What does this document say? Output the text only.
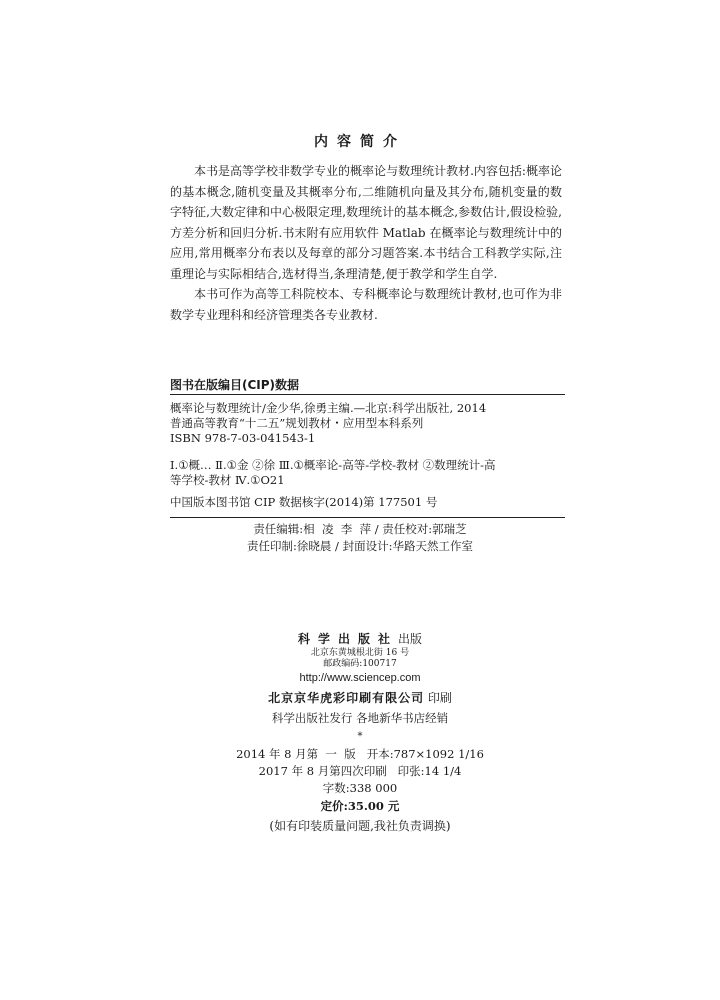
内容简介

本书是高等学校非数学专业的概率论与数理统计教材.内容包括:概率论的基本概念,随机变量及其概率分布,二维随机向量及其分布,随机变量的数字特征,大数定律和中心极限定理,数理统计的基本概念,参数估计,假设检验,方差分析和回归分析.书末附有应用软件 Matlab 在概率论与数理统计中的应用,常用概率分布表以及每章的部分习题答案.本书结合工科教学实际,注重理论与实际相结合,选材得当,条理清楚,便于教学和学生自学.

本书可作为高等工科院校本、专科概率论与数理统计教材,也可作为非数学专业理科和经济管理类各专业教材.

图书在版编目(CIP)数据
概率论与数理统计/金少华,徐勇主编.—北京:科学出版社, 2014
普通高等教育“十二五”规划教材・应用型本科系列
ISBN 978-7-03-041543-1
Ⅰ.①概… Ⅱ.①金 ②徐 Ⅲ.①概率论-高等-学校-教材 ②数理统计-高
等学校-教材 Ⅳ.①O21
中国版本图书馆 CIP 数据核字(2014)第 177501 号
责任编辑:相  凌  李  萍 / 责任校对:郭瑞芝
责任印制:徐晓晨 / 封面设计:华路天然工作室
科学出版社出版
北京东黄城根北街 16 号
邮政编码:100717
http://www.sciencep.com
北京京华虎彩印刷有限公司 印刷
科学出版社发行 各地新华书店经销
*
2014 年 8 月第  一  版   开本:787×1092 1/16
2017 年 8 月第四次印刷   印张:14 1/4
字数:338 000
定价:35.00 元
(如有印装质量问题,我社负责调换)
